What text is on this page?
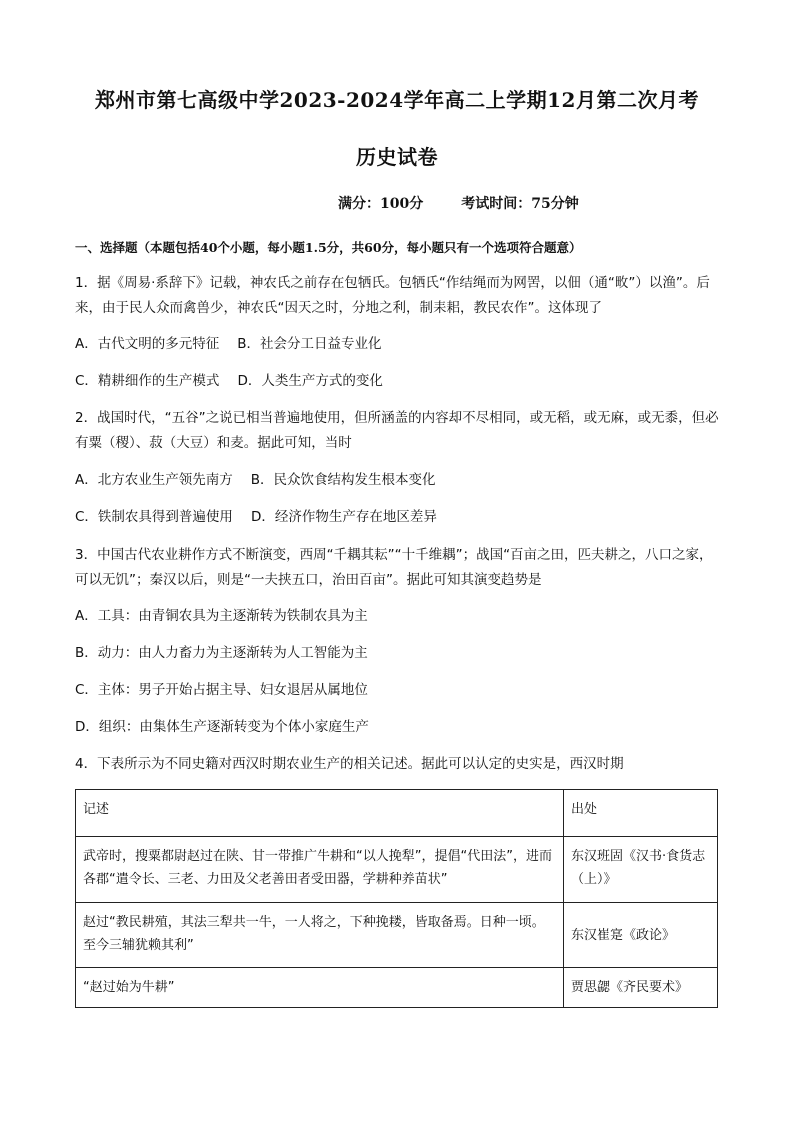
郑州市第七高级中学2023-2024学年高二上学期12月第二次月考
历史试卷
满分：100分	考试时间：75分钟
一、选择题（本题包括40个小题，每小题1.5分，共60分，每小题只有一个选项符合题意）
1．据《周易·系辞下》记载，神农氏之前存在包牺氏。包牺氏“作结绳而为网罟，以佃（通“畋”）以渔”。后来，由于民人众而禽兽少，神农氏“因天之时，分地之利，制耒耜，教民农作”。这体现了
A．古代文明的多元特征 B．社会分工日益专业化
C．精耕细作的生产模式 D．人类生产方式的变化
2．战国时代，“五谷”之说已相当普遍地使用，但所涵盖的内容却不尽相同，或无稻，或无麻，或无黍，但必有粟（稷）、菽（大豆）和麦。据此可知，当时
A．北方农业生产领先南方 B．民众饮食结构发生根本变化
C．铁制农具得到普遍使用 D．经济作物生产存在地区差异
3．中国古代农业耕作方式不断演变，西周“千耦其耘”“十千维耦”；战国“百亩之田，匹夫耕之，八口之家，可以无饥”；秦汉以后，则是“一夫挟五口，治田百亩”。据此可知其演变趋势是
A．工具：由青铜农具为主逐渐转为铁制农具为主
B．动力：由人力畜力为主逐渐转为人工智能为主
C．主体：男子开始占据主导、妇女退居从属地位
D．组织：由集体生产逐渐转变为个体小家庭生产
4．下表所示为不同史籍对西汉时期农业生产的相关记述。据此可以认定的史实是，西汉时期
记述	出处
武帝时，搜粟都尉赵过在陕、甘一带推广牛耕和“以人挽犁”，提倡“代田法”，进而各郡“遣令长、三老、力田及父老善田者受田器，学耕种养苗状”	东汉班固《汉书·食货志（上）》
赵过“教民耕殖，其法三犁共一牛，一人将之，下种挽耧，皆取备焉。日种一顷。至今三辅犹赖其利”	东汉崔寔《政论》
“赵过始为牛耕”	贾思勰《齐民要术》
